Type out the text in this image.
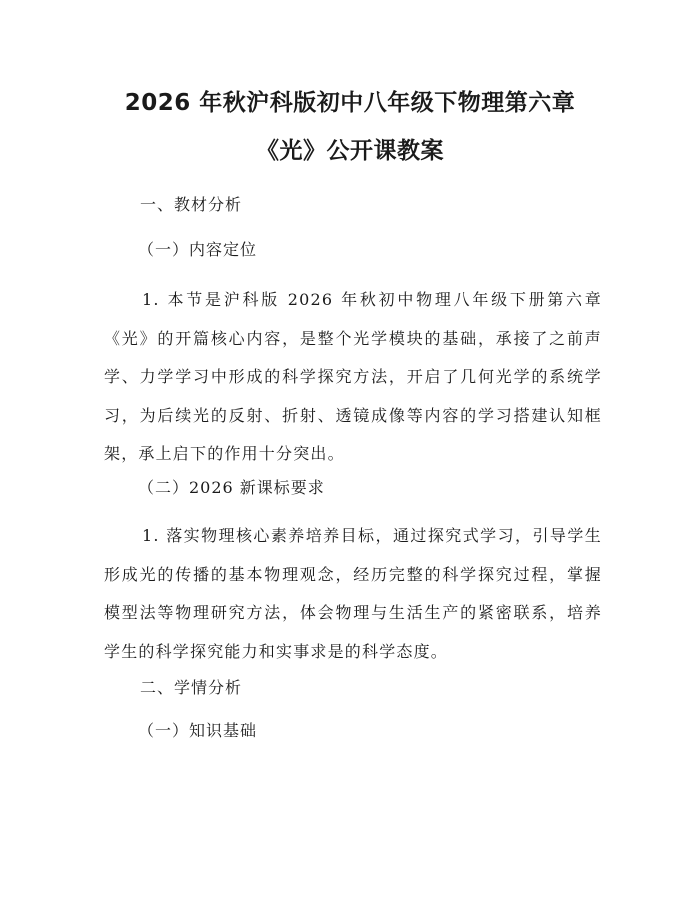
2026 年秋沪科版初中八年级下物理第六章
《光》公开课教案
一、教材分析
（一）内容定位
1. 本节是沪科版 2026 年秋初中物理八年级下册第六章《光》的开篇核心内容，是整个光学模块的基础，承接了之前声学、力学学习中形成的科学探究方法，开启了几何光学的系统学习，为后续光的反射、折射、透镜成像等内容的学习搭建认知框架，承上启下的作用十分突出。
（二）2026 新课标要求
1. 落实物理核心素养培养目标，通过探究式学习，引导学生形成光的传播的基本物理观念，经历完整的科学探究过程，掌握模型法等物理研究方法，体会物理与生活生产的紧密联系，培养学生的科学探究能力和实事求是的科学态度。
二、学情分析
（一）知识基础
